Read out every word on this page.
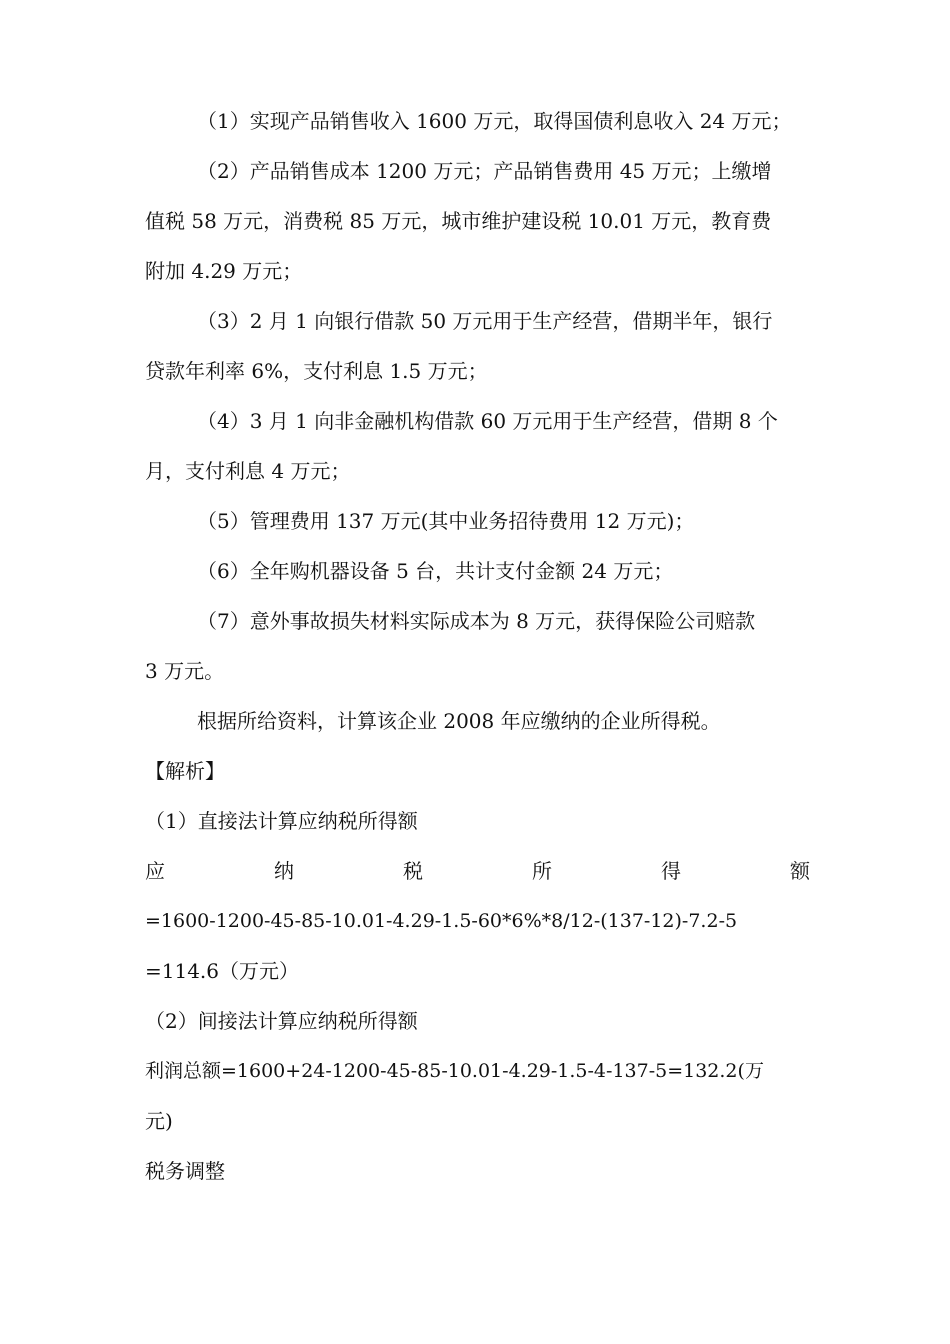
（1）实现产品销售收入 1600 万元，取得国债利息收入 24 万元；
（2）产品销售成本 1200 万元；产品销售费用 45 万元；上缴增
值税 58 万元，消费税 85 万元，城市维护建设税 10.01 万元，教育费
附加 4.29 万元；
（3）2 月 1 向银行借款 50 万元用于生产经营，借期半年，银行
贷款年利率 6%，支付利息 1.5 万元；
（4）3 月 1 向非金融机构借款 60 万元用于生产经营，借期 8 个
月，支付利息 4 万元；
（5）管理费用 137 万元(其中业务招待费用 12 万元)；
（6）全年购机器设备 5 台，共计支付金额 24 万元；
（7）意外事故损失材料实际成本为 8 万元，获得保险公司赔款
3 万元。
根据所给资料，计算该企业 2008 年应缴纳的企业所得税。
【解析】
（1）直接法计算应纳税所得额
应	纳	税	所	得	额
=1600-1200-45-85-10.01-4.29-1.5-60*6%*8/12-(137-12)-7.2-5
=114.6（万元）
（2）间接法计算应纳税所得额
利润总额=1600+24-1200-45-85-10.01-4.29-1.5-4-137-5=132.2(万
元)
税务调整
